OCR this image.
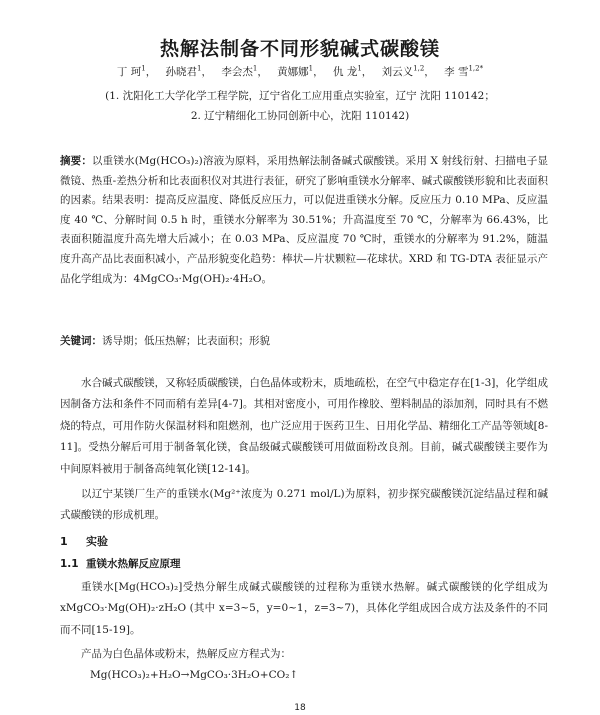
热解法制备不同形貌碱式碳酸镁

丁 珂$^1$， 孙晓君$^1$， 李会杰$^1$， 黄娜娜$^1$， 仇 龙$^1$， 刘云义$^{1,2}$， 李 雪$^{1,2*}$

(1. 沈阳化工大学化学工程学院，辽宁省化工应用重点实验室，辽宁 沈阳 110142；

2. 辽宁精细化工协同创新中心，沈阳 110142)

摘要：以重镁水(Mg(HCO₃)₂)溶液为原料，采用热解法制备碱式碳酸镁。采用 X 射线衍射、扫描电子显微镜、热重-差热分析和比表面积仪对其进行表征，研究了影响重镁水分解率、碱式碳酸镁形貌和比表面积的因素。结果表明：提高反应温度、降低反应压力，可以促进重镁水分解。反应压力 0.10 MPa、反应温度 40 ℃、分解时间 0.5 h 时，重镁水分解率为 30.51%；升高温度至 70 ℃，分解率为 66.43%，比表面积随温度升高先增大后减小；在 0.03 MPa、反应温度 70 ℃时，重镁水的分解率为 91.2%，随温度升高产品比表面积减小，产品形貌变化趋势：棒状—片状颗粒—花球状。XRD 和 TG-DTA 表征显示产品化学组成为：4MgCO₃·Mg(OH)₂·4H₂O。

关键词：诱导期；低压热解；比表面积；形貌

水合碱式碳酸镁，又称轻质碳酸镁，白色晶体或粉末，质地疏松，在空气中稳定存在[1-3]，化学组成因制备方法和条件不同而稍有差异[4-7]。其相对密度小，可用作橡胶、塑料制品的添加剂，同时具有不燃烧的特点，可用作防火保温材料和阻燃剂，也广泛应用于医药卫生、日用化学品、精细化工产品等领域[8-11]。受热分解后可用于制备氧化镁，食品级碱式碳酸镁可用做面粉改良剂。目前，碱式碳酸镁主要作为中间原料被用于制备高纯氧化镁[12-14]。

以辽宁某镁厂生产的重镁水(Mg²⁺浓度为 0.271 mol/L)为原料，初步探究碳酸镁沉淀结晶过程和碱式碳酸镁的形成机理。

1 实验
1.1 重镁水热解反应原理

重镁水[Mg(HCO₃)₂]受热分解生成碱式碳酸镁的过程称为重镁水热解。碱式碳酸镁的化学组成为 xMgCO₃·Mg(OH)₂·zH₂O (其中 x=3~5，y=0~1，z=3~7)，具体化学组成因合成方法及条件的不同而不同[15-19]。

产品为白色晶体或粉末，热解反应方程式为：

Mg(HCO₃)₂+H₂O→MgCO₃·3H₂O+CO₂↑

18
